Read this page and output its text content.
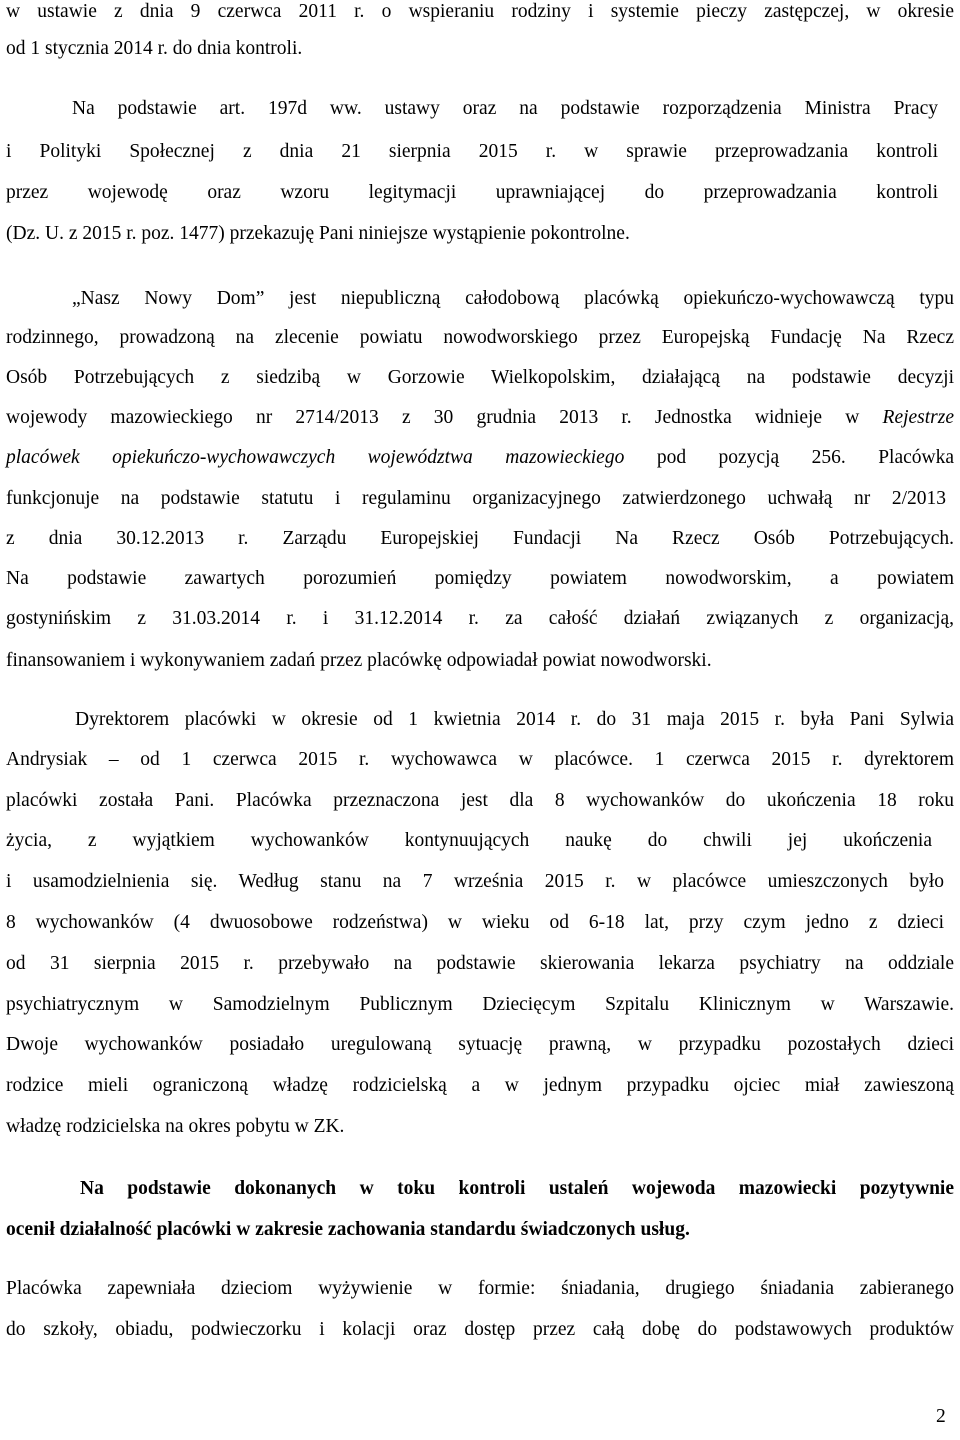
w ustawie z dnia 9 czerwca 2011 r. o wspieraniu rodziny i systemie pieczy zastępczej, w okresie

od 1 stycznia 2014 r. do dnia kontroli.

Na podstawie art. 197d ww. ustawy oraz na podstawie rozporządzenia Ministra Pracy

i Polityki Społecznej z dnia 21 sierpnia 2015 r. w sprawie przeprowadzania kontroli

przez wojewodę oraz wzoru legitymacji uprawniającej do przeprowadzania kontroli

(Dz. U. z 2015 r. poz. 1477) przekazuję Pani niniejsze wystąpienie pokontrolne.

„Nasz Nowy Dom” jest niepubliczną całodobową placówką opiekuńczo-wychowawczą typu

rodzinnego, prowadzoną na zlecenie powiatu nowodworskiego przez Europejską Fundację Na Rzecz

Osób Potrzebujących z siedzibą w Gorzowie Wielkopolskim, działającą na podstawie decyzji

wojewody mazowieckiego nr 2714/2013 z 30 grudnia 2013 r. Jednostka widnieje w Rejestrze
placówek opiekuńczo-wychowawczych województwa mazowieckiego pod pozycją 256. Placówka

funkcjonuje na podstawie statutu i regulaminu organizacyjnego zatwierdzonego uchwałą nr 2/2013

z dnia 30.12.2013 r. Zarządu Europejskiej Fundacji Na Rzecz Osób Potrzebujących.

Na podstawie zawartych porozumień pomiędzy powiatem nowodworskim, a powiatem

gostynińskim z 31.03.2014 r. i 31.12.2014 r. za całość działań związanych z organizacją,

finansowaniem i wykonywaniem zadań przez placówkę odpowiadał powiat nowodworski.

Dyrektorem placówki w okresie od 1 kwietnia 2014 r. do 31 maja 2015 r. była Pani Sylwia

Andrysiak – od 1 czerwca 2015 r. wychowawca w placówce. 1 czerwca 2015 r. dyrektorem

placówki została Pani. Placówka przeznaczona jest dla 8 wychowanków do ukończenia 18 roku

życia, z wyjątkiem wychowanków kontynuujących naukę do chwili jej ukończenia

i usamodzielnienia się. Według stanu na 7 września 2015 r. w placówce umieszczonych było

8 wychowanków (4 dwuosobowe rodzeństwa) w wieku od 6-18 lat, przy czym jedno z dzieci

od 31 sierpnia 2015 r. przebywało na podstawie skierowania lekarza psychiatry na oddziale

psychiatrycznym w Samodzielnym Publicznym Dziecięcym Szpitalu Klinicznym w Warszawie.

Dwoje wychowanków posiadało uregulowaną sytuację prawną, w przypadku pozostałych dzieci

rodzice mieli ograniczoną władzę rodzicielską a w jednym przypadku ojciec miał zawieszoną

władzę rodzicielska na okres pobytu w ZK.

Na podstawie dokonanych w toku kontroli ustaleń wojewoda mazowiecki pozytywnie

ocenił działalność placówki w zakresie zachowania standardu świadczonych usług.

Placówka zapewniała dzieciom wyżywienie w formie: śniadania, drugiego śniadania zabieranego

do szkoły, obiadu, podwieczorku i kolacji oraz dostęp przez całą dobę do podstawowych produktów

2
